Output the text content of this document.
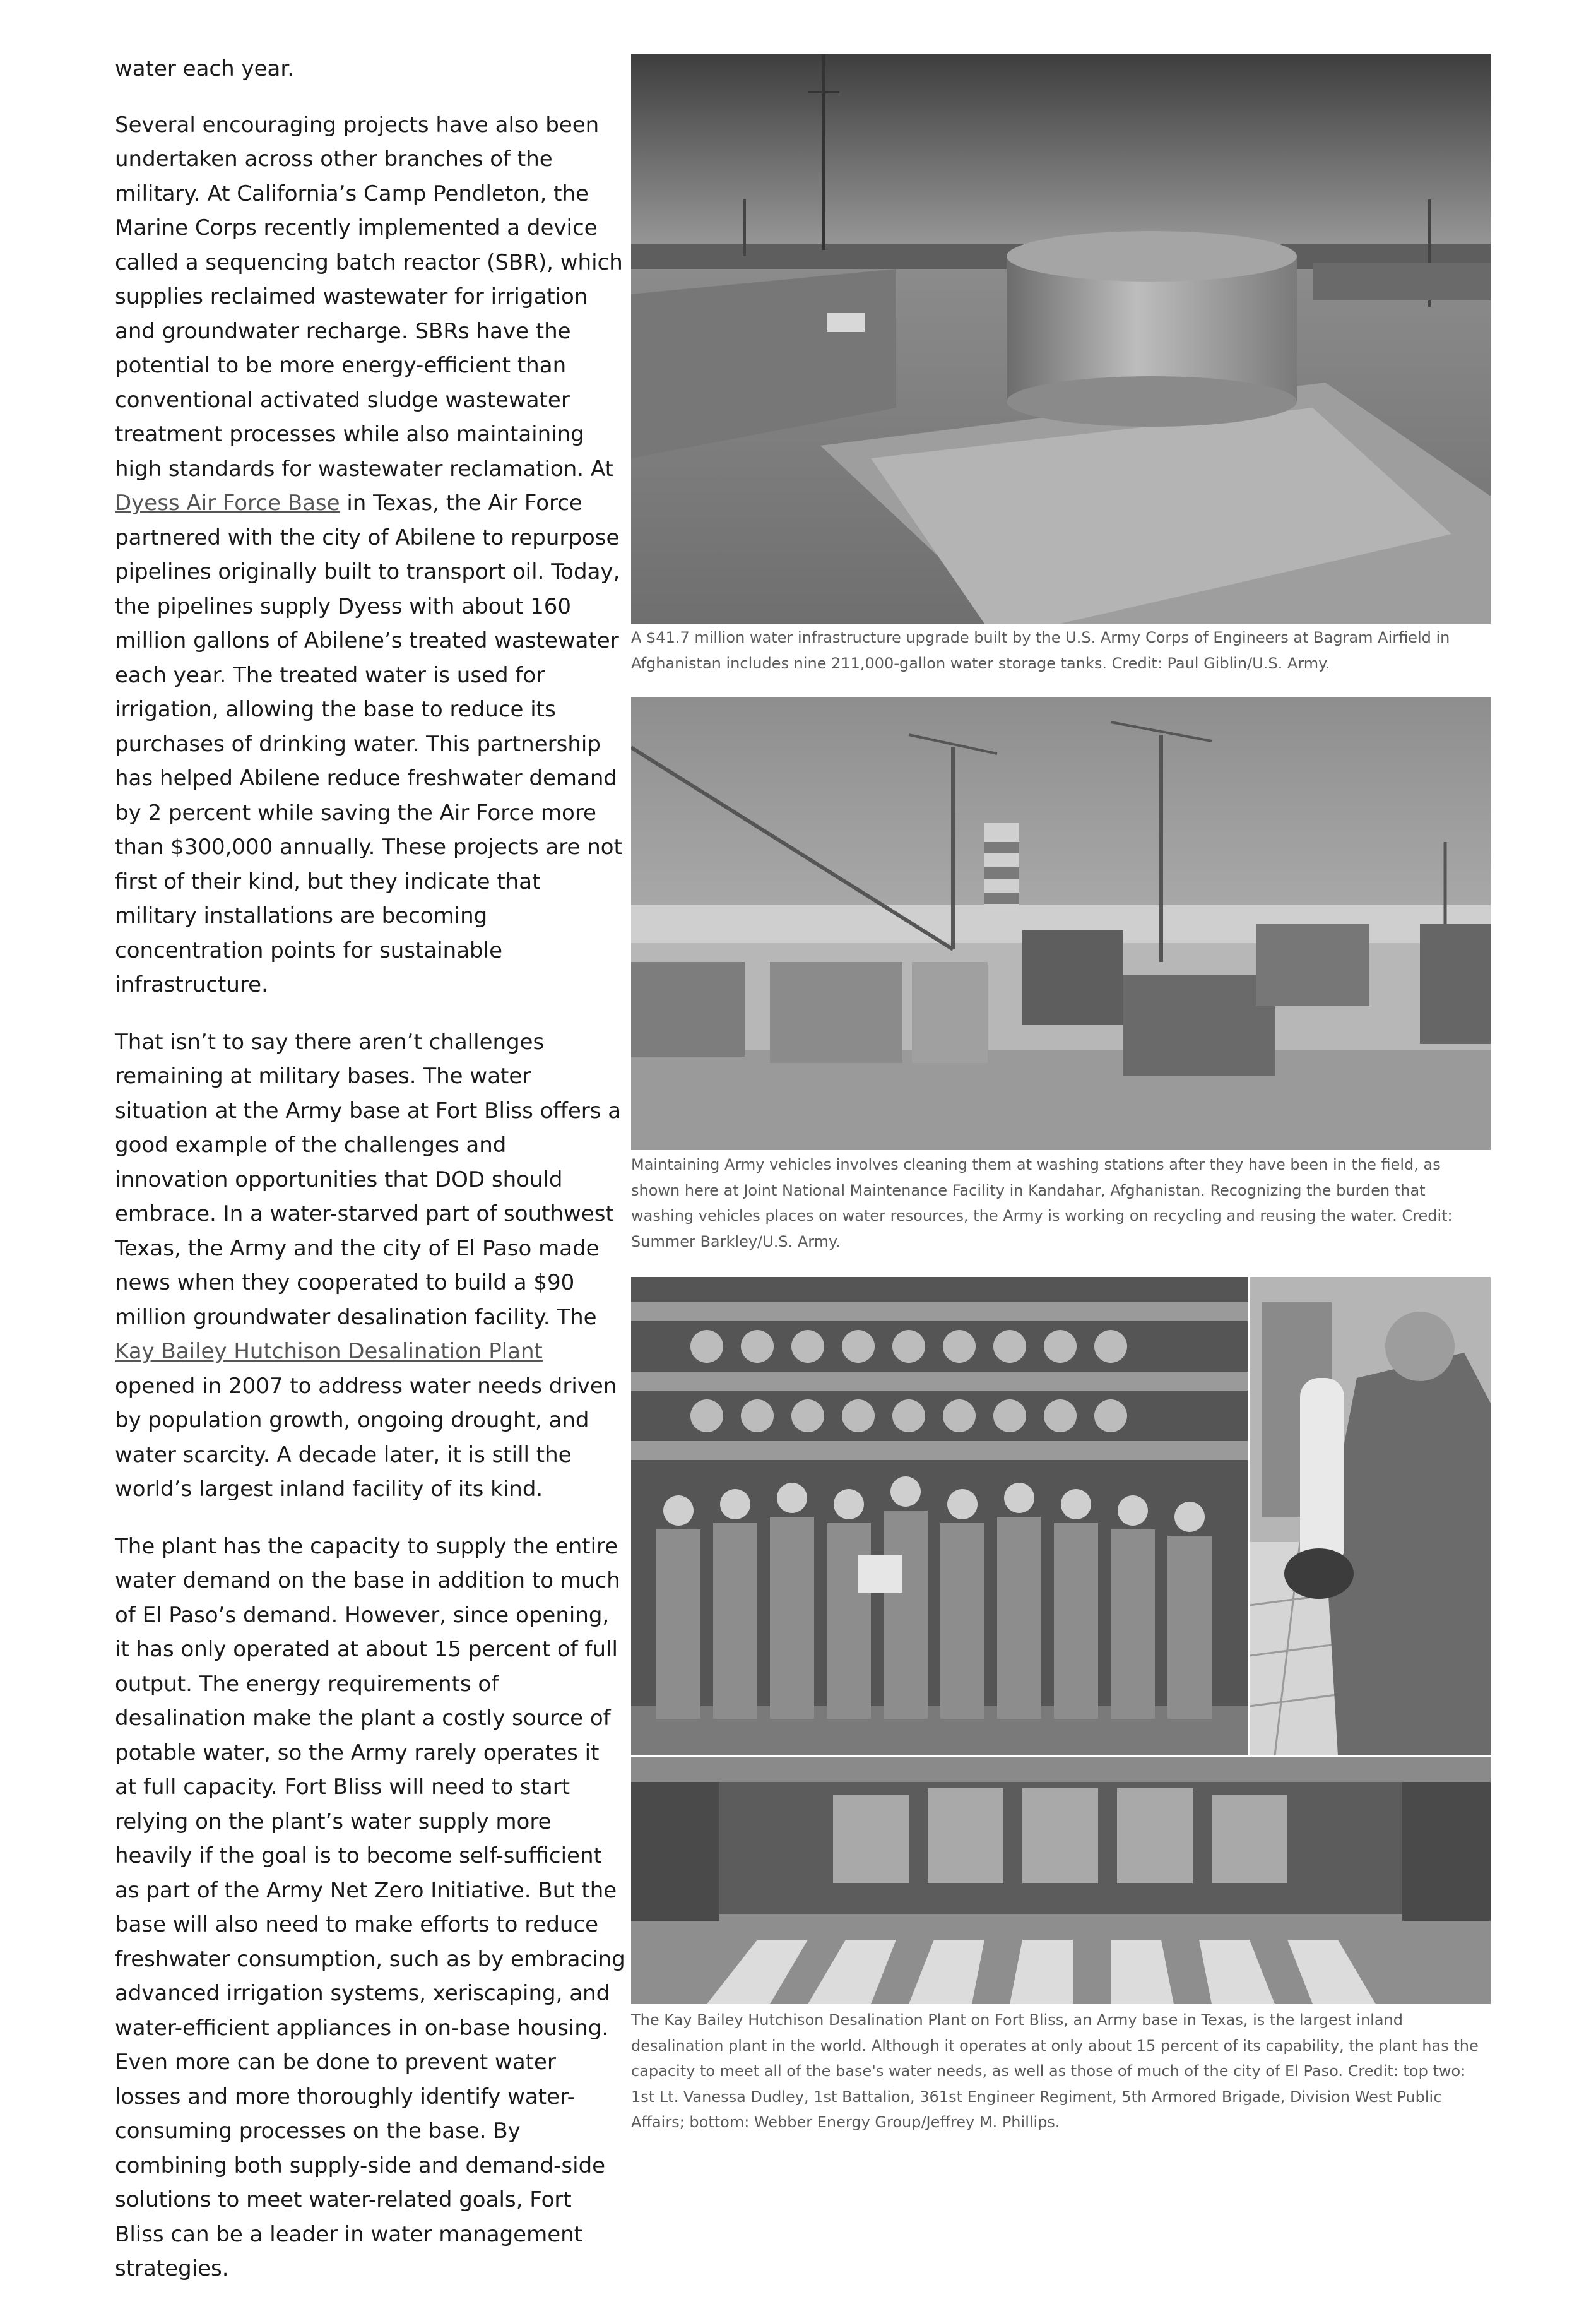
water each year.

Several encouraging projects have also been undertaken across other branches of the military. At California’s Camp Pendleton, the Marine Corps recently implemented a device called a sequencing batch reactor (SBR), which supplies reclaimed wastewater for irrigation and groundwater recharge. SBRs have the potential to be more energy-efficient than conventional activated sludge wastewater treatment processes while also maintaining high standards for wastewater reclamation. At Dyess Air Force Base in Texas, the Air Force partnered with the city of Abilene to repurpose pipelines originally built to transport oil. Today, the pipelines supply Dyess with about 160 million gallons of Abilene’s treated wastewater each year. The treated water is used for irrigation, allowing the base to reduce its purchases of drinking water. This partnership has helped Abilene reduce freshwater demand by 2 percent while saving the Air Force more than $300,000 annually. These projects are not first of their kind, but they indicate that military installations are becoming concentration points for sustainable infrastructure.

That isn’t to say there aren’t challenges remaining at military bases. The water situation at the Army base at Fort Bliss offers a good example of the challenges and innovation opportunities that DOD should embrace. In a water-starved part of southwest Texas, the Army and the city of El Paso made news when they cooperated to build a $90 million groundwater desalination facility. The Kay Bailey Hutchison Desalination Plant opened in 2007 to address water needs driven by population growth, ongoing drought, and water scarcity. A decade later, it is still the world’s largest inland facility of its kind.

The plant has the capacity to supply the entire water demand on the base in addition to much of El Paso’s demand. However, since opening, it has only operated at about 15 percent of full output. The energy requirements of desalination make the plant a costly source of potable water, so the Army rarely operates it at full capacity. Fort Bliss will need to start relying on the plant’s water supply more heavily if the goal is to become self-sufficient as part of the Army Net Zero Initiative. But the base will also need to make efforts to reduce freshwater consumption, such as by embracing advanced irrigation systems, xeriscaping, and water-efficient appliances in on-base housing. Even more can be done to prevent water losses and more thoroughly identify water-consuming processes on the base. By combining both supply-side and demand-side solutions to meet water-related goals, Fort Bliss can be a leader in water management strategies.

A $41.7 million water infrastructure upgrade built by the U.S. Army Corps of Engineers at Bagram Airfield in Afghanistan includes nine 211,000-gallon water storage tanks. Credit: Paul Giblin/U.S. Army.
Maintaining Army vehicles involves cleaning them at washing stations after they have been in the field, as shown here at Joint National Maintenance Facility in Kandahar, Afghanistan. Recognizing the burden that washing vehicles places on water resources, the Army is working on recycling and reusing the water. Credit: Summer Barkley/U.S. Army.
The Kay Bailey Hutchison Desalination Plant on Fort Bliss, an Army base in Texas, is the largest inland desalination plant in the world. Although it operates at only about 15 percent of its capability, the plant has the capacity to meet all of the base's water needs, as well as those of much of the city of El Paso. Credit: top two: 1st Lt. Vanessa Dudley, 1st Battalion, 361st Engineer Regiment, 5th Armored Brigade, Division West Public Affairs; bottom: Webber Energy Group/Jeffrey M. Phillips.
